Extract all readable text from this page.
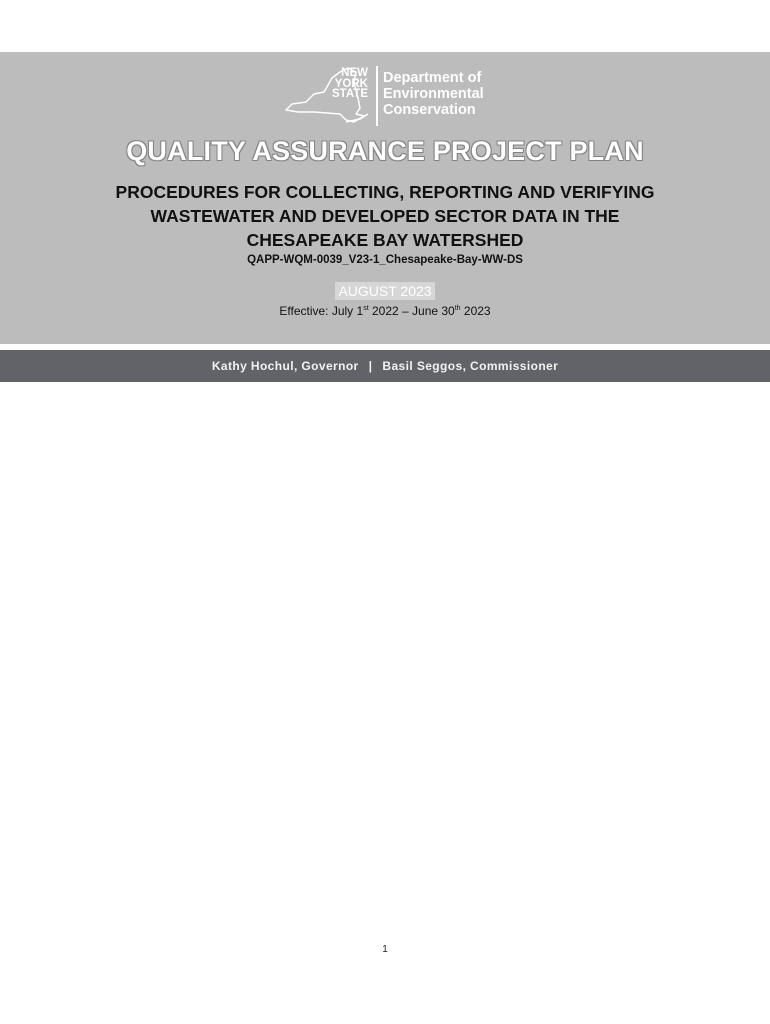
NEW
YORK
STATE
Department of
Environmental
Conservation
QUALITY ASSURANCE PROJECT PLAN
PROCEDURES FOR COLLECTING, REPORTING AND VERIFYING
WASTEWATER AND DEVELOPED SECTOR DATA IN THE
CHESAPEAKE BAY WATERSHED
QAPP-WQM-0039_V23-1_Chesapeake-Bay-WW-DS
AUGUST 2023
Effective: July 1st 2022 – June 30th 2023
Kathy Hochul, Governor | Basil Seggos, Commissioner
1
